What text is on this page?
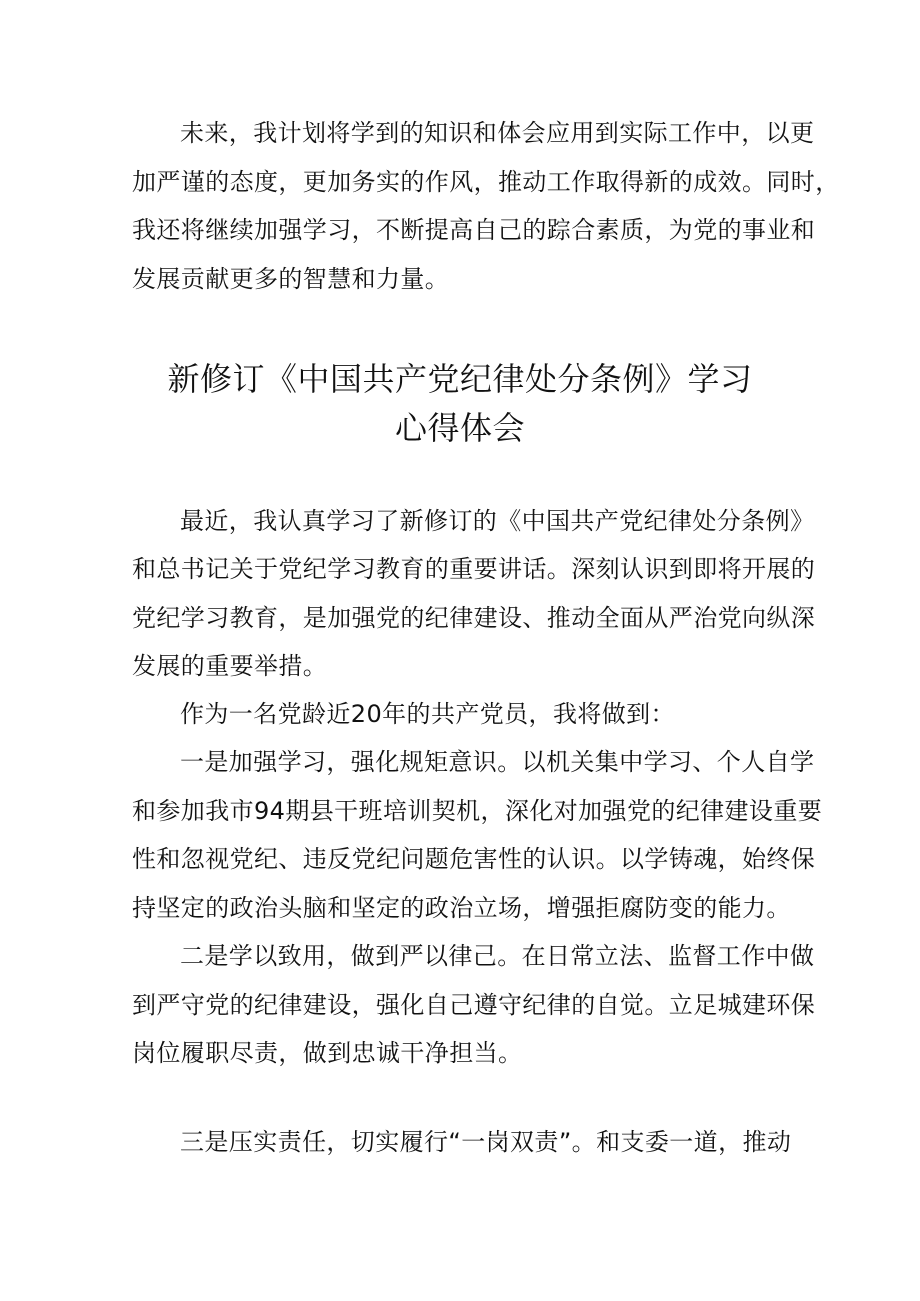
未来，我计划将学到的知识和体会应用到实际工作中，以更
加严谨的态度，更加务实的作风，推动工作取得新的成效。同时，
我还将继续加强学习，不断提高自己的踪合素质，为党的事业和
发展贡献更多的智慧和力量。
新修订《中国共产党纪律处分条例》学习
心得体会
最近，我认真学习了新修订的《中国共产党纪律处分条例》
和总书记关于党纪学习教育的重要讲话。深刻认识到即将开展的
党纪学习教育，是加强党的纪律建设、推动全面从严治党向纵深
发展的重要举措。
作为一名党龄近20年的共产党员，我将做到：
一是加强学习，强化规矩意识。以机关集中学习、个人自学
和参加我市94期县干班培训契机，深化对加强党的纪律建设重要
性和忽视党纪、违反党纪问题危害性的认识。以学铸魂，始终保
持坚定的政治头脑和坚定的政治立场，增强拒腐防变的能力。
二是学以致用，做到严以律己。在日常立法、监督工作中做
到严守党的纪律建设，强化自己遵守纪律的自觉。立足城建环保
岗位履职尽责，做到忠诚干净担当。
三是压实责任，切实履行“一岗双责”。和支委一道，推动
